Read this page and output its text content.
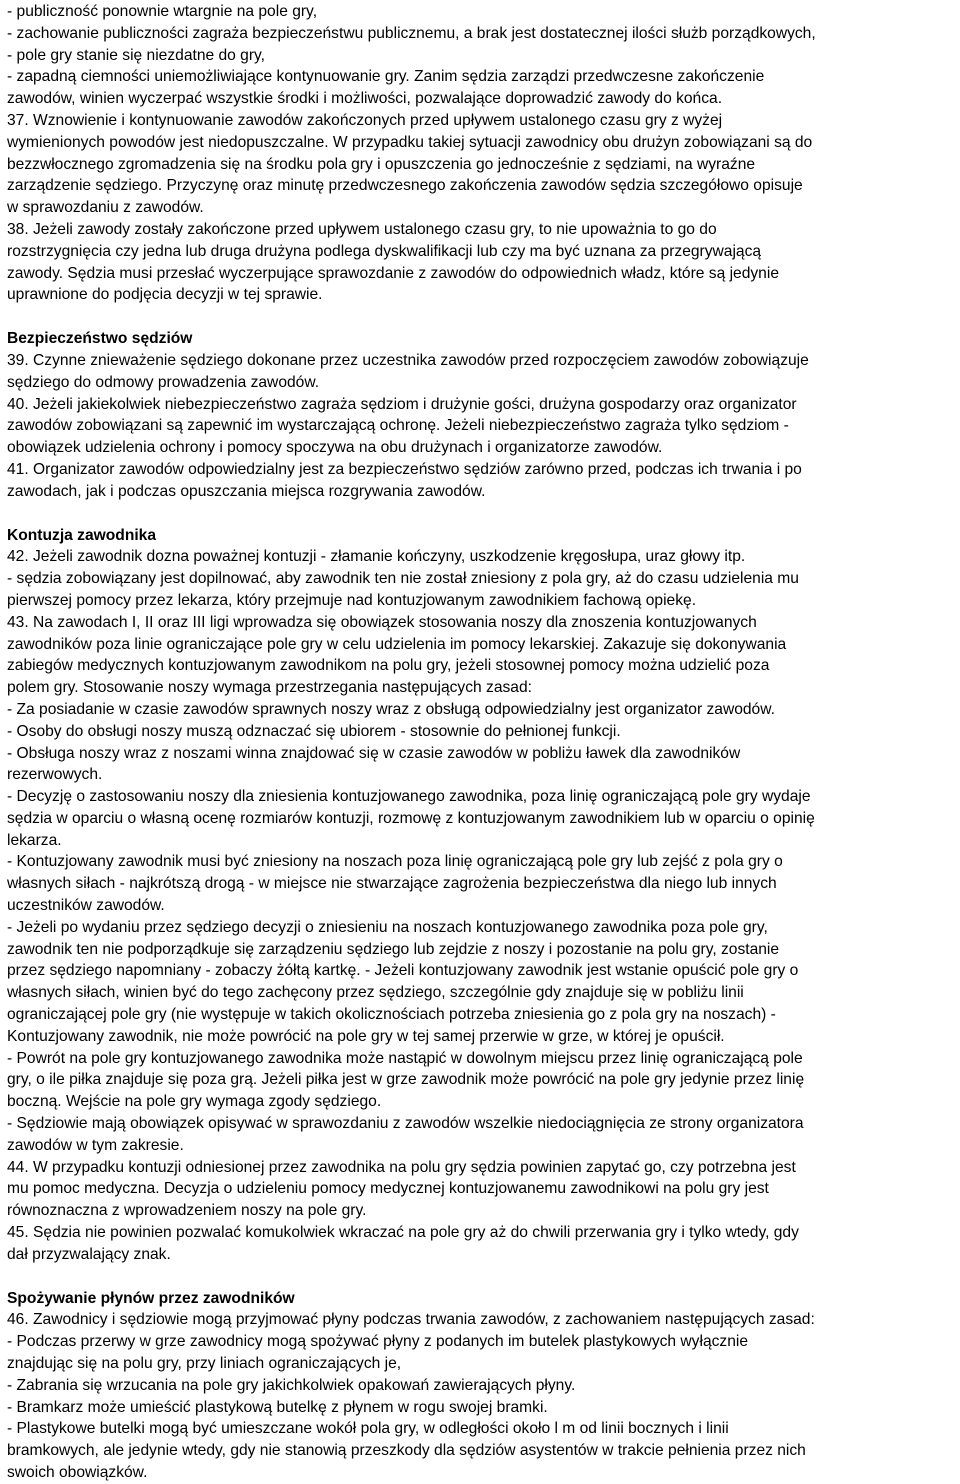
- publiczność ponownie wtargnie na pole gry,
- zachowanie publiczności zagraża bezpieczeństwu publicznemu, a brak jest dostatecznej ilości służb porządkowych,
- pole gry stanie się niezdatne do gry,
- zapadną ciemności uniemożliwiające kontynuowanie gry. Zanim sędzia zarządzi przedwczesne zakończenie
zawodów, winien wyczerpać wszystkie środki i możliwości, pozwalające doprowadzić zawody do końca.
37. Wznowienie i kontynuowanie zawodów zakończonych przed upływem ustalonego czasu gry z wyżej
wymienionych powodów jest niedopuszczalne. W przypadku takiej sytuacji zawodnicy obu drużyn zobowiązani są do
bezzwłocznego zgromadzenia się na środku pola gry i opuszczenia go jednocześnie z sędziami, na wyraźne
zarządzenie sędziego. Przyczynę oraz minutę przedwczesnego zakończenia zawodów sędzia szczegółowo opisuje
w sprawozdaniu z zawodów.
38. Jeżeli zawody zostały zakończone przed upływem ustalonego czasu gry, to nie upoważnia to go do
rozstrzygnięcia czy jedna lub druga drużyna podlega dyskwalifikacji lub czy ma być uznana za przegrywającą
zawody. Sędzia musi przesłać wyczerpujące sprawozdanie z zawodów do odpowiednich władz, które są jedynie
uprawnione do podjęcia decyzji w tej sprawie.
Bezpieczeństwo sędziów
39. Czynne znieważenie sędziego dokonane przez uczestnika zawodów przed rozpoczęciem zawodów zobowiązuje
sędziego do odmowy prowadzenia zawodów.
40. Jeżeli jakiekolwiek niebezpieczeństwo zagraża sędziom i drużynie gości, drużyna gospodarzy oraz organizator
zawodów zobowiązani są zapewnić im wystarczającą ochronę. Jeżeli niebezpieczeństwo zagraża tylko sędziom -
obowiązek udzielenia ochrony i pomocy spoczywa na obu drużynach i organizatorze zawodów.
41. Organizator zawodów odpowiedzialny jest za bezpieczeństwo sędziów zarówno przed, podczas ich trwania i po
zawodach, jak i podczas opuszczania miejsca rozgrywania zawodów.
Kontuzja zawodnika
42. Jeżeli zawodnik dozna poważnej kontuzji - złamanie kończyny, uszkodzenie kręgosłupa, uraz głowy itp.
- sędzia zobowiązany jest dopilnować, aby zawodnik ten nie został zniesiony z pola gry, aż do czasu udzielenia mu
pierwszej pomocy przez lekarza, który przejmuje nad kontuzjowanym zawodnikiem fachową opiekę.
43. Na zawodach I, II oraz III ligi wprowadza się obowiązek stosowania noszy dla znoszenia kontuzjowanych
zawodników poza linie ograniczające pole gry w celu udzielenia im pomocy lekarskiej. Zakazuje się dokonywania
zabiegów medycznych kontuzjowanym zawodnikom na polu gry, jeżeli stosownej pomocy można udzielić poza
polem gry. Stosowanie noszy wymaga przestrzegania następujących zasad:
- Za posiadanie w czasie zawodów sprawnych noszy wraz z obsługą odpowiedzialny jest organizator zawodów.
- Osoby do obsługi noszy muszą odznaczać się ubiorem - stosownie do pełnionej funkcji.
- Obsługa noszy wraz z noszami winna znajdować się w czasie zawodów w pobliżu ławek dla zawodników
rezerwowych.
- Decyzję o zastosowaniu noszy dla zniesienia kontuzjowanego zawodnika, poza linię ograniczającą pole gry wydaje
sędzia w oparciu o własną ocenę rozmiarów kontuzji, rozmowę z kontuzjowanym zawodnikiem lub w oparciu o opinię
lekarza.
- Kontuzjowany zawodnik musi być zniesiony na noszach poza linię ograniczającą pole gry lub zejść z pola gry o
własnych siłach - najkrótszą drogą - w miejsce nie stwarzające zagrożenia bezpieczeństwa dla niego lub innych
uczestników zawodów.
- Jeżeli po wydaniu przez sędziego decyzji o zniesieniu na noszach kontuzjowanego zawodnika poza pole gry,
zawodnik ten nie podporządkuje się zarządzeniu sędziego lub zejdzie z noszy i pozostanie na polu gry, zostanie
przez sędziego napomniany - zobaczy żółtą kartkę. - Jeżeli kontuzjowany zawodnik jest wstanie opuścić pole gry o
własnych siłach, winien być do tego zachęcony przez sędziego, szczególnie gdy znajduje się w pobliżu linii
ograniczającej pole gry (nie występuje w takich okolicznościach potrzeba zniesienia go z pola gry na noszach) -
Kontuzjowany zawodnik, nie może powrócić na pole gry w tej samej przerwie w grze, w której je opuścił.
- Powrót na pole gry kontuzjowanego zawodnika może nastąpić w dowolnym miejscu przez linię ograniczającą pole
gry, o ile piłka znajduje się poza grą. Jeżeli piłka jest w grze zawodnik może powrócić na pole gry jedynie przez linię
boczną. Wejście na pole gry wymaga zgody sędziego.
- Sędziowie mają obowiązek opisywać w sprawozdaniu z zawodów wszelkie niedociągnięcia ze strony organizatora
zawodów w tym zakresie.
44. W przypadku kontuzji odniesionej przez zawodnika na polu gry sędzia powinien zapytać go, czy potrzebna jest
mu pomoc medyczna. Decyzja o udzieleniu pomocy medycznej kontuzjowanemu zawodnikowi na polu gry jest
równoznaczna z wprowadzeniem noszy na pole gry.
45. Sędzia nie powinien pozwalać komukolwiek wkraczać na pole gry aż do chwili przerwania gry i tylko wtedy, gdy
dał przyzwalający znak.
Spożywanie płynów przez zawodników
46. Zawodnicy i sędziowie mogą przyjmować płyny podczas trwania zawodów, z zachowaniem następujących zasad:
- Podczas przerwy w grze zawodnicy mogą spożywać płyny z podanych im butelek plastykowych wyłącznie
znajdując się na polu gry, przy liniach ograniczających je,
- Zabrania się wrzucania na pole gry jakichkolwiek opakowań zawierających płyny.
- Bramkarz może umieścić plastykową butelkę z płynem w rogu swojej bramki.
- Plastykowe butelki mogą być umieszczane wokół pola gry, w odległości około l m od linii bocznych i linii
bramkowych, ale jedynie wtedy, gdy nie stanowią przeszkody dla sędziów asystentów w trakcie pełnienia przez nich
swoich obowiązków.
